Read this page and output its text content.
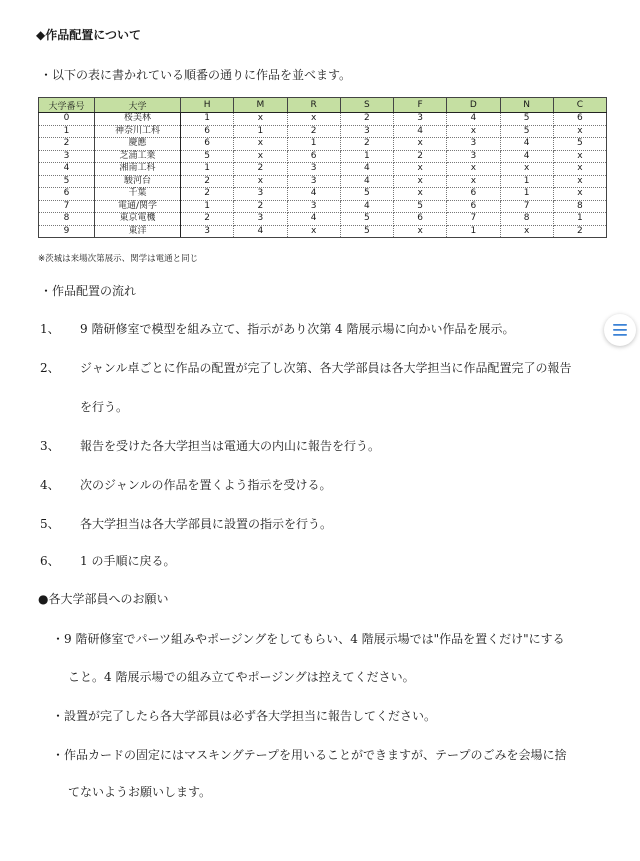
◆作品配置について
・以下の表に書かれている順番の通りに作品を並べます。
大学番号	大学	H	M	R	S	F	D	N	C
0	桜美林	1	x	x	2	3	4	5	6
1	神奈川工科	6	1	2	3	4	x	5	x
2	慶應	6	x	1	2	x	3	4	5
3	芝浦工業	5	x	6	1	2	3	4	x
4	湘南工科	1	2	3	4	x	x	x	x
5	駿河台	2	x	3	4	x	x	1	x
6	千葉	2	3	4	5	x	6	1	x
7	電通/関学	1	2	3	4	5	6	7	8
8	東京電機	2	3	4	5	6	7	8	1
9	東洋	3	4	x	5	x	1	x	2
※茨城は来場次第展示、関学は電通と同じ
・作品配置の流れ
1、 9 階研修室で模型を組み立て、指示があり次第 4 階展示場に向かい作品を展示。
2、 ジャンル卓ごとに作品の配置が完了し次第、各大学部員は各大学担当に作品配置完了の報告
を行う。
3、 報告を受けた各大学担当は電通大の内山に報告を行う。
4、 次のジャンルの作品を置くよう指示を受ける。
5、 各大学担当は各大学部員に設置の指示を行う。
6、 1 の手順に戻る。
●各大学部員へのお願い
・9 階研修室でパーツ組みやポージングをしてもらい、4 階展示場では"作品を置くだけ"にする
こと。4 階展示場での組み立てやポージングは控えてください。
・設置が完了したら各大学部員は必ず各大学担当に報告してください。
・作品カードの固定にはマスキングテープを用いることができますが、テープのごみを会場に捨
てないようお願いします。
